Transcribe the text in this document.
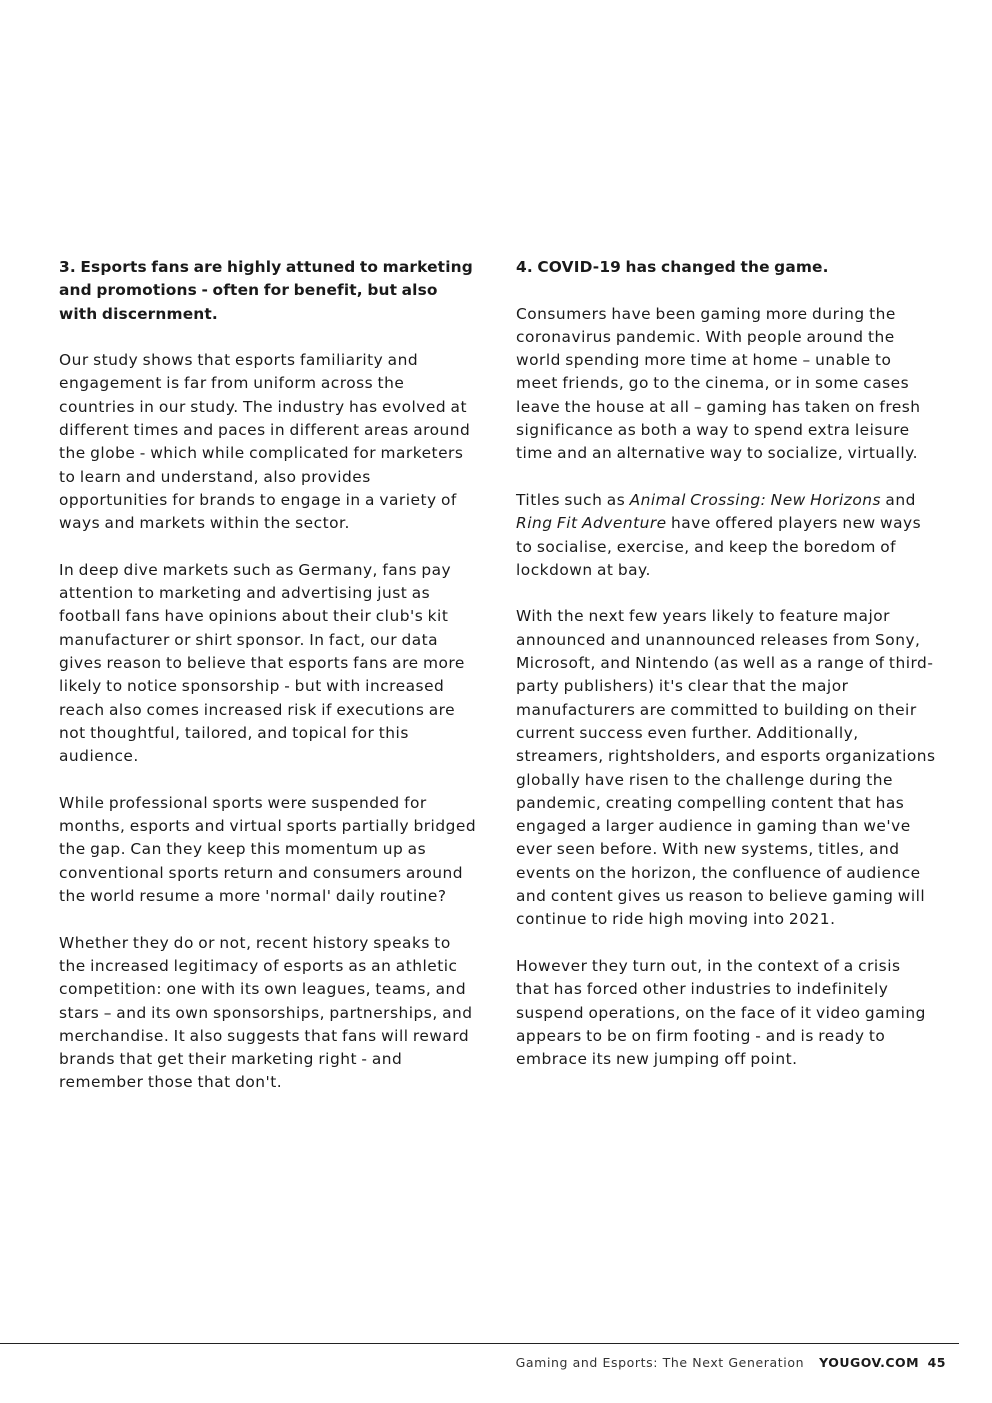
3. Esports fans are highly attuned to marketing and promotions - often for benefit, but also with discernment.

Our study shows that esports familiarity and engagement is far from uniform across the countries in our study. The industry has evolved at different times and paces in different areas around the globe - which while complicated for marketers to learn and understand, also provides opportunities for brands to engage in a variety of ways and markets within the sector.

In deep dive markets such as Germany, fans pay attention to marketing and advertising just as football fans have opinions about their club's kit manufacturer or shirt sponsor. In fact, our data gives reason to believe that esports fans are more likely to notice sponsorship - but with increased reach also comes increased risk if executions are not thoughtful, tailored, and topical for this audience.

While professional sports were suspended for months, esports and virtual sports partially bridged the gap. Can they keep this momentum up as conventional sports return and consumers around the world resume a more 'normal' daily routine?

Whether they do or not, recent history speaks to the increased legitimacy of esports as an athletic competition: one with its own leagues, teams, and stars – and its own sponsorships, partnerships, and merchandise. It also suggests that fans will reward brands that get their marketing right - and remember those that don't.

4. COVID-19 has changed the game.

Consumers have been gaming more during the coronavirus pandemic. With people around the world spending more time at home – unable to meet friends, go to the cinema, or in some cases leave the house at all – gaming has taken on fresh significance as both a way to spend extra leisure time and an alternative way to socialize, virtually.

Titles such as Animal Crossing: New Horizons and Ring Fit Adventure have offered players new ways to socialise, exercise, and keep the boredom of lockdown at bay.

With the next few years likely to feature major announced and unannounced releases from Sony, Microsoft, and Nintendo (as well as a range of third-party publishers) it's clear that the major manufacturers are committed to building on their current success even further. Additionally, streamers, rightsholders, and esports organizations globally have risen to the challenge during the pandemic, creating compelling content that has engaged a larger audience in gaming than we've ever seen before. With new systems, titles, and events on the horizon, the confluence of audience and content gives us reason to believe gaming will continue to ride high moving into 2021.

However they turn out, in the context of a crisis that has forced other industries to indefinitely suspend operations, on the face of it video gaming appears to be on firm footing - and is ready to embrace its new jumping off point.

Gaming and Esports: The Next Generation YOUGOV.COM 45
